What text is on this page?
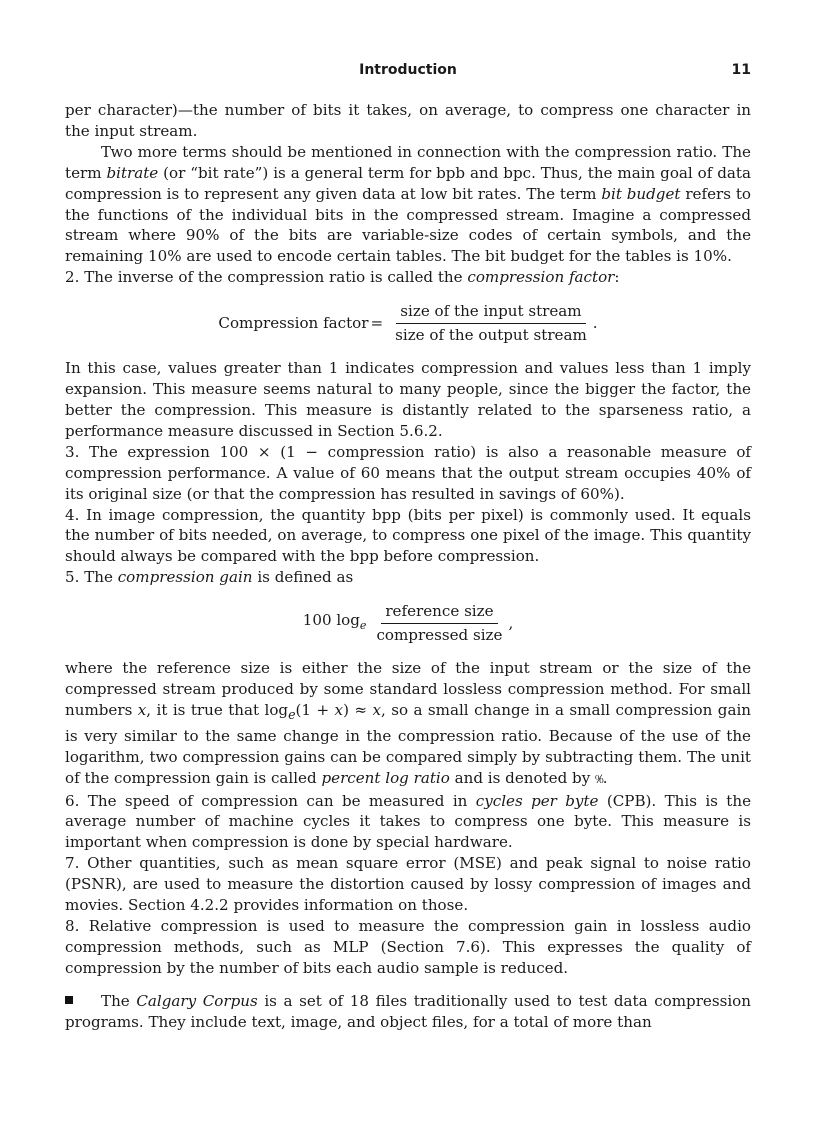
Introduction	11

per character)—the number of bits it takes, on average, to compress one character in the input stream.

Two more terms should be mentioned in connection with the compression ratio. The term bitrate (or “bit rate”) is a general term for bpb and bpc. Thus, the main goal of data compression is to represent any given data at low bit rates. The term bit budget refers to the functions of the individual bits in the compressed stream. Imagine a compressed stream where 90% of the bits are variable-size codes of certain symbols, and the remaining 10% are used to encode certain tables. The bit budget for the tables is 10%.

2. The inverse of the compression ratio is called the compression factor:

Compression factor = $\frac{\text{size of the input stream}}{\text{size of the output stream}}$ .

In this case, values greater than 1 indicates compression and values less than 1 imply expansion. This measure seems natural to many people, since the bigger the factor, the better the compression. This measure is distantly related to the sparseness ratio, a performance measure discussed in Section 5.6.2.

3. The expression 100 × (1 − compression ratio) is also a reasonable measure of compression performance. A value of 60 means that the output stream occupies 40% of its original size (or that the compression has resulted in savings of 60%).

4. In image compression, the quantity bpp (bits per pixel) is commonly used. It equals the number of bits needed, on average, to compress one pixel of the image. This quantity should always be compared with the bpp before compression.

5. The compression gain is defined as

100 $\log_e \frac{\text{reference size}}{\text{compressed size}}$ ,

where the reference size is either the size of the input stream or the size of the compressed stream produced by some standard lossless compression method. For small numbers x, it is true that $\log_e(1 + x) \approx x$, so a small change in a small compression gain is very similar to the same change in the compression ratio. Because of the use of the logarithm, two compression gains can be compared simply by subtracting them. The unit of the compression gain is called percent log ratio and is denoted by ⁰⁄₀.

6. The speed of compression can be measured in cycles per byte (CPB). This is the average number of machine cycles it takes to compress one byte. This measure is important when compression is done by special hardware.

7. Other quantities, such as mean square error (MSE) and peak signal to noise ratio (PSNR), are used to measure the distortion caused by lossy compression of images and movies. Section 4.2.2 provides information on those.

8. Relative compression is used to measure the compression gain in lossless audio compression methods, such as MLP (Section 7.6). This expresses the quality of compression by the number of bits each audio sample is reduced.

The Calgary Corpus is a set of 18 files traditionally used to test data compression programs. They include text, image, and object files, for a total of more than
